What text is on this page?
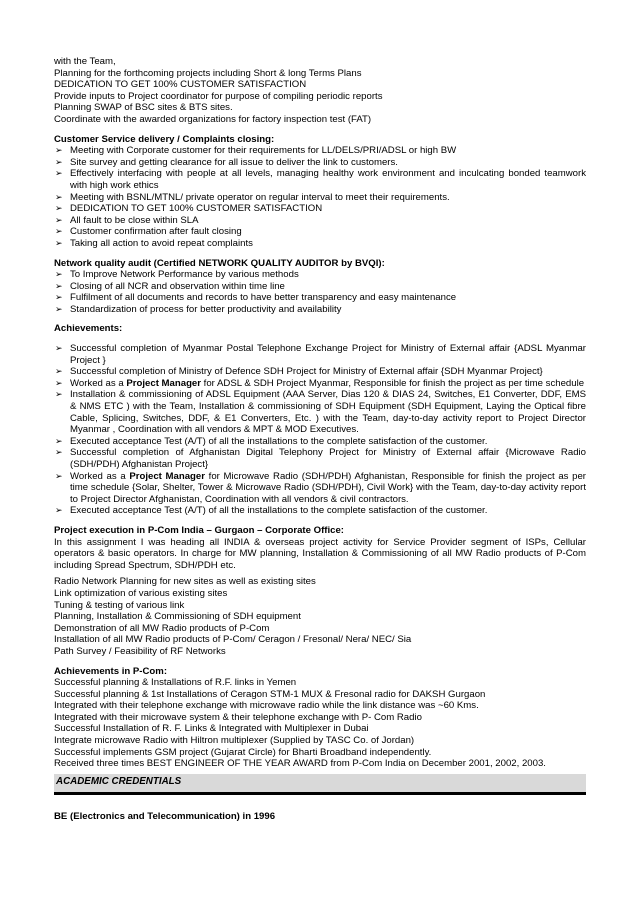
with the Team,
Planning for the forthcoming projects including Short & long Terms Plans
DEDICATION TO GET 100% CUSTOMER SATISFACTION
Provide inputs to Project coordinator for purpose of compiling periodic reports
Planning SWAP of BSC sites & BTS sites.
Coordinate with the awarded organizations for factory inspection test (FAT)
Customer Service delivery / Complaints closing:
➢ Meeting with Corporate customer for their requirements for LL/DELS/PRI/ADSL or high BW
➢ Site survey and getting clearance for all issue to deliver the link to customers.
➢ Effectively interfacing with people at all levels, managing healthy work environment and inculcating bonded teamwork with high work ethics
➢ Meeting with BSNL/MTNL/ private operator on regular interval to meet their requirements.
➢ DEDICATION TO GET 100% CUSTOMER SATISFACTION
➢ All fault to be close within SLA
➢ Customer confirmation after fault closing
➢ Taking all action to avoid repeat complaints
Network quality audit (Certified NETWORK QUALITY AUDITOR by BVQI):
➢ To Improve Network Performance by various methods
➢ Closing of all NCR and observation within time line
➢ Fulfilment of all documents and records to have better transparency and easy maintenance
➢ Standardization of process for better productivity and availability
Achievements:
➢ Successful completion of Myanmar Postal Telephone Exchange Project for Ministry of External affair {ADSL Myanmar Project }
➢ Successful completion of Ministry of Defence SDH Project for Ministry of External affair {SDH Myanmar Project}
➢ Worked as a Project Manager for ADSL & SDH Project Myanmar, Responsible for finish the project as per time schedule
➢ Installation & commissioning of ADSL Equipment (AAA Server, Dias 120 & DIAS 24, Switches, E1 Converter, DDF, EMS & NMS ETC ) with the Team, Installation & commissioning of SDH Equipment (SDH Equipment, Laying the Optical fibre Cable, Splicing, Switches, DDF, & E1 Converters, Etc. ) with the Team, day-to-day activity report to Project Director Myanmar , Coordination with all vendors & MPT & MOD Executives.
➢ Executed acceptance Test (A/T) of all the installations to the complete satisfaction of the customer.
➢ Successful completion of Afghanistan Digital Telephony Project for Ministry of External affair {Microwave Radio (SDH/PDH) Afghanistan Project}
➢ Worked as a Project Manager for Microwave Radio (SDH/PDH) Afghanistan, Responsible for finish the project as per time schedule {Solar, Shelter, Tower & Microwave Radio (SDH/PDH), Civil Work} with the Team, day-to-day activity report to Project Director Afghanistan, Coordination with all vendors & civil contractors.
➢ Executed acceptance Test (A/T) of all the installations to the complete satisfaction of the customer.
Project execution in P-Com India – Gurgaon – Corporate Office:
In this assignment I was heading all INDIA & overseas project activity for Service Provider segment of ISPs, Cellular operators & basic operators. In charge for MW planning, Installation & Commissioning of all MW Radio products of P-Com including Spread Spectrum, SDH/PDH etc.
Radio Network Planning for new sites as well as existing sites
Link optimization of various existing sites
Tuning & testing of various link
Planning, Installation & Commissioning of SDH equipment
Demonstration of all MW Radio products of P-Com
Installation of all MW Radio products of P-Com/ Ceragon / Fresonal/ Nera/ NEC/ Sia
Path Survey / Feasibility of RF Networks
Achievements in P-Com:
Successful planning & Installations of R.F. links in Yemen
Successful planning & 1st Installations of Ceragon STM-1 MUX & Fresonal radio for DAKSH Gurgaon
Integrated with their telephone exchange with microwave radio while the link distance was ~60 Kms.
Integrated with their microwave system & their telephone exchange with P- Com Radio
Successful Installation of R. F. Links & Integrated with Multiplexer in Dubai
Integrate microwave Radio with Hiltron multiplexer (Supplied by TASC Co. of Jordan)
Successful implements GSM project (Gujarat Circle) for Bharti Broadband independently.
Received three times BEST ENGINEER OF THE YEAR AWARD from P-Com India on December 2001, 2002, 2003.
ACADEMIC CREDENTIALS
BE (Electronics and Telecommunication) in 1996
